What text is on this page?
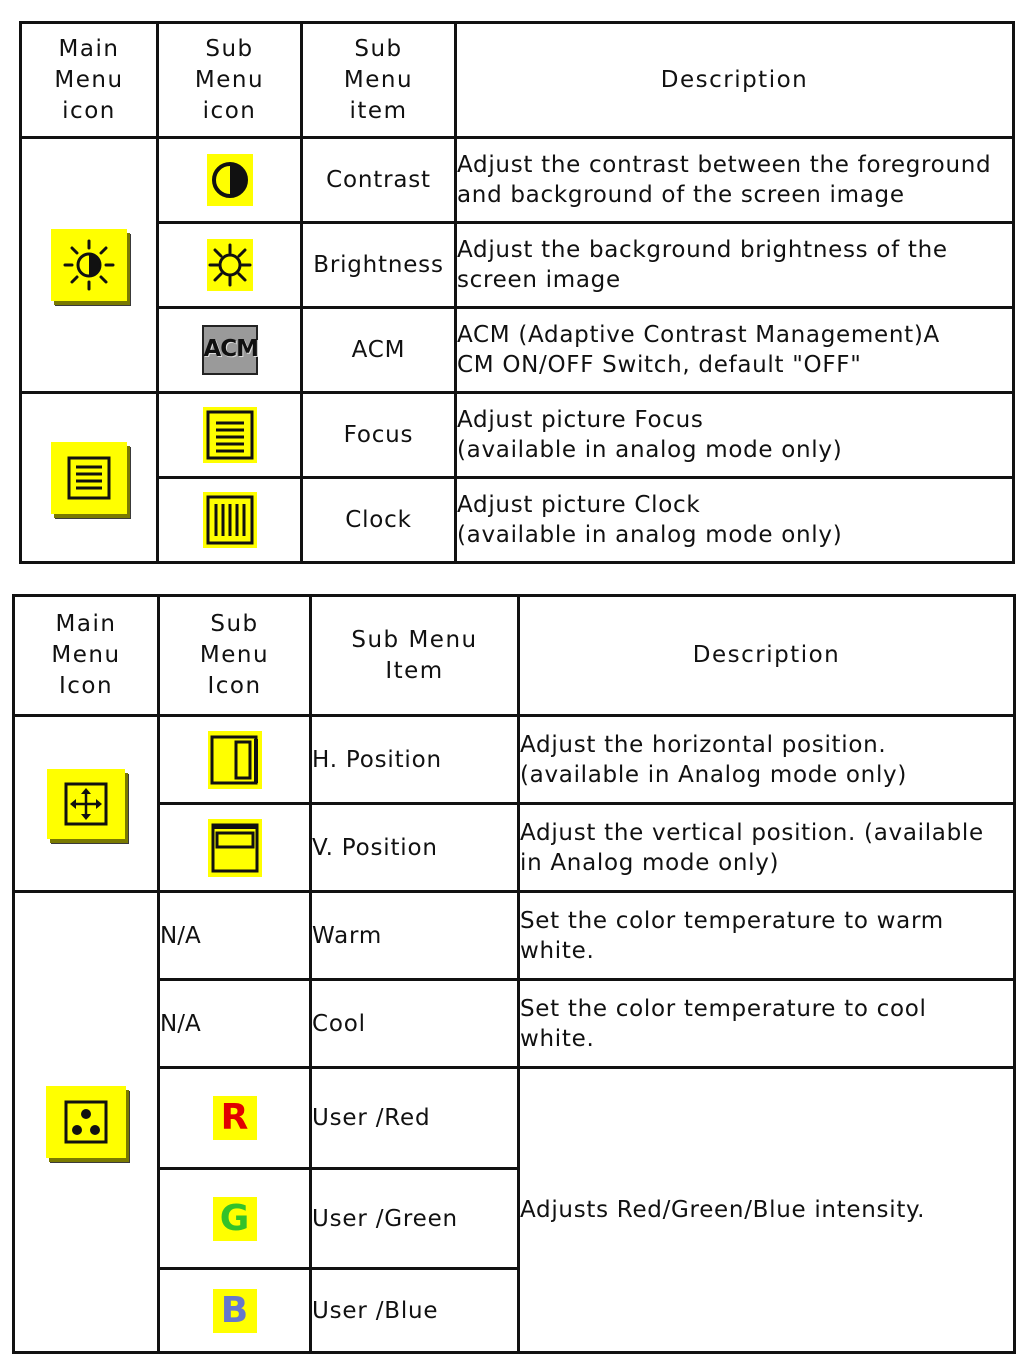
Main
Menu
icon	Sub
Menu
icon	Sub
Menu
item	Description

	Contrast	Adjust the contrast between the foreground
and background of the screen image

	Brightness	Adjust the background brightness of the
screen image

	ACM	ACM	ACM (Adaptive Contrast Management)A
CM ON/OFF Switch, default "OFF"

	Focus	Adjust picture Focus
(available in analog mode only)

	Clock	Adjust picture Clock
(available in analog mode only)
Main
Menu
Icon	Sub
Menu
Icon	Sub Menu
Item	Description

	H. Position	Adjust the horizontal position.
(available in Analog mode only)

	V. Position	Adjust the vertical position. (available
in Analog mode only)

	N/A	Warm	Set the color temperature to warm
white.

	N/A	Cool	Set the color temperature to cool
white.

	R	User /Red	Adjusts Red/Green/Blue intensity.

	G	User /Green	

	B	User /Blue	
